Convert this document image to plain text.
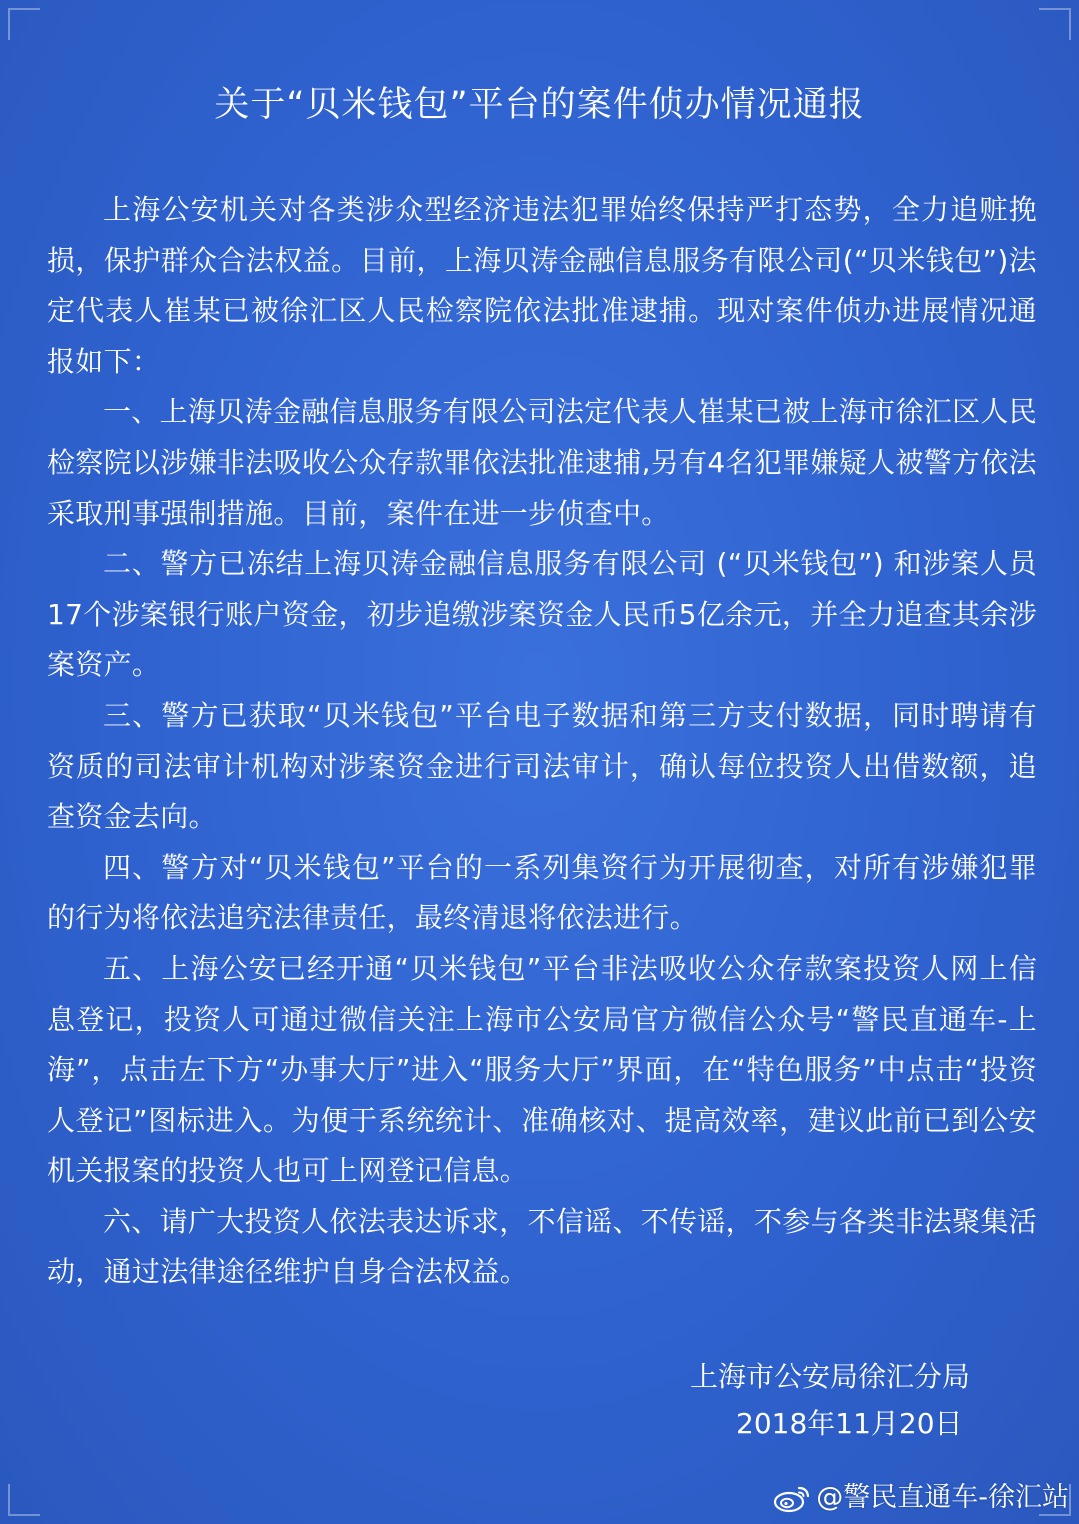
关于“贝米钱包”平台的案件侦办情况通报

上海公安机关对各类涉众型经济违法犯罪始终保持严打态势，全力追赃挽损，保护群众合法权益。目前，上海贝涛金融信息服务有限公司(“贝米钱包”)法定代表人崔某已被徐汇区人民检察院依法批准逮捕。现对案件侦办进展情况通报如下：

一、上海贝涛金融信息服务有限公司法定代表人崔某已被上海市徐汇区人民检察院以涉嫌非法吸收公众存款罪依法批准逮捕,另有4名犯罪嫌疑人被警方依法采取刑事强制措施。目前，案件在进一步侦查中。

二、警方已冻结上海贝涛金融信息服务有限公司 (“贝米钱包”) 和涉案人员17个涉案银行账户资金，初步追缴涉案资金人民币5亿余元，并全力追查其余涉案资产。

三、警方已获取“贝米钱包”平台电子数据和第三方支付数据，同时聘请有资质的司法审计机构对涉案资金进行司法审计，确认每位投资人出借数额，追查资金去向。

四、警方对“贝米钱包”平台的一系列集资行为开展彻查，对所有涉嫌犯罪的行为将依法追究法律责任，最终清退将依法进行。

五、上海公安已经开通“贝米钱包”平台非法吸收公众存款案投资人网上信息登记，投资人可通过微信关注上海市公安局官方微信公众号“警民直通车-上海”，点击左下方“办事大厅”进入“服务大厅”界面，在“特色服务”中点击“投资人登记”图标进入。为便于系统统计、准确核对、提高效率，建议此前已到公安机关报案的投资人也可上网登记信息。

六、请广大投资人依法表达诉求，不信谣、不传谣，不参与各类非法聚集活动，通过法律途径维护自身合法权益。

上海市公安局徐汇分局
2018年11月20日
@警民直通车-徐汇站
